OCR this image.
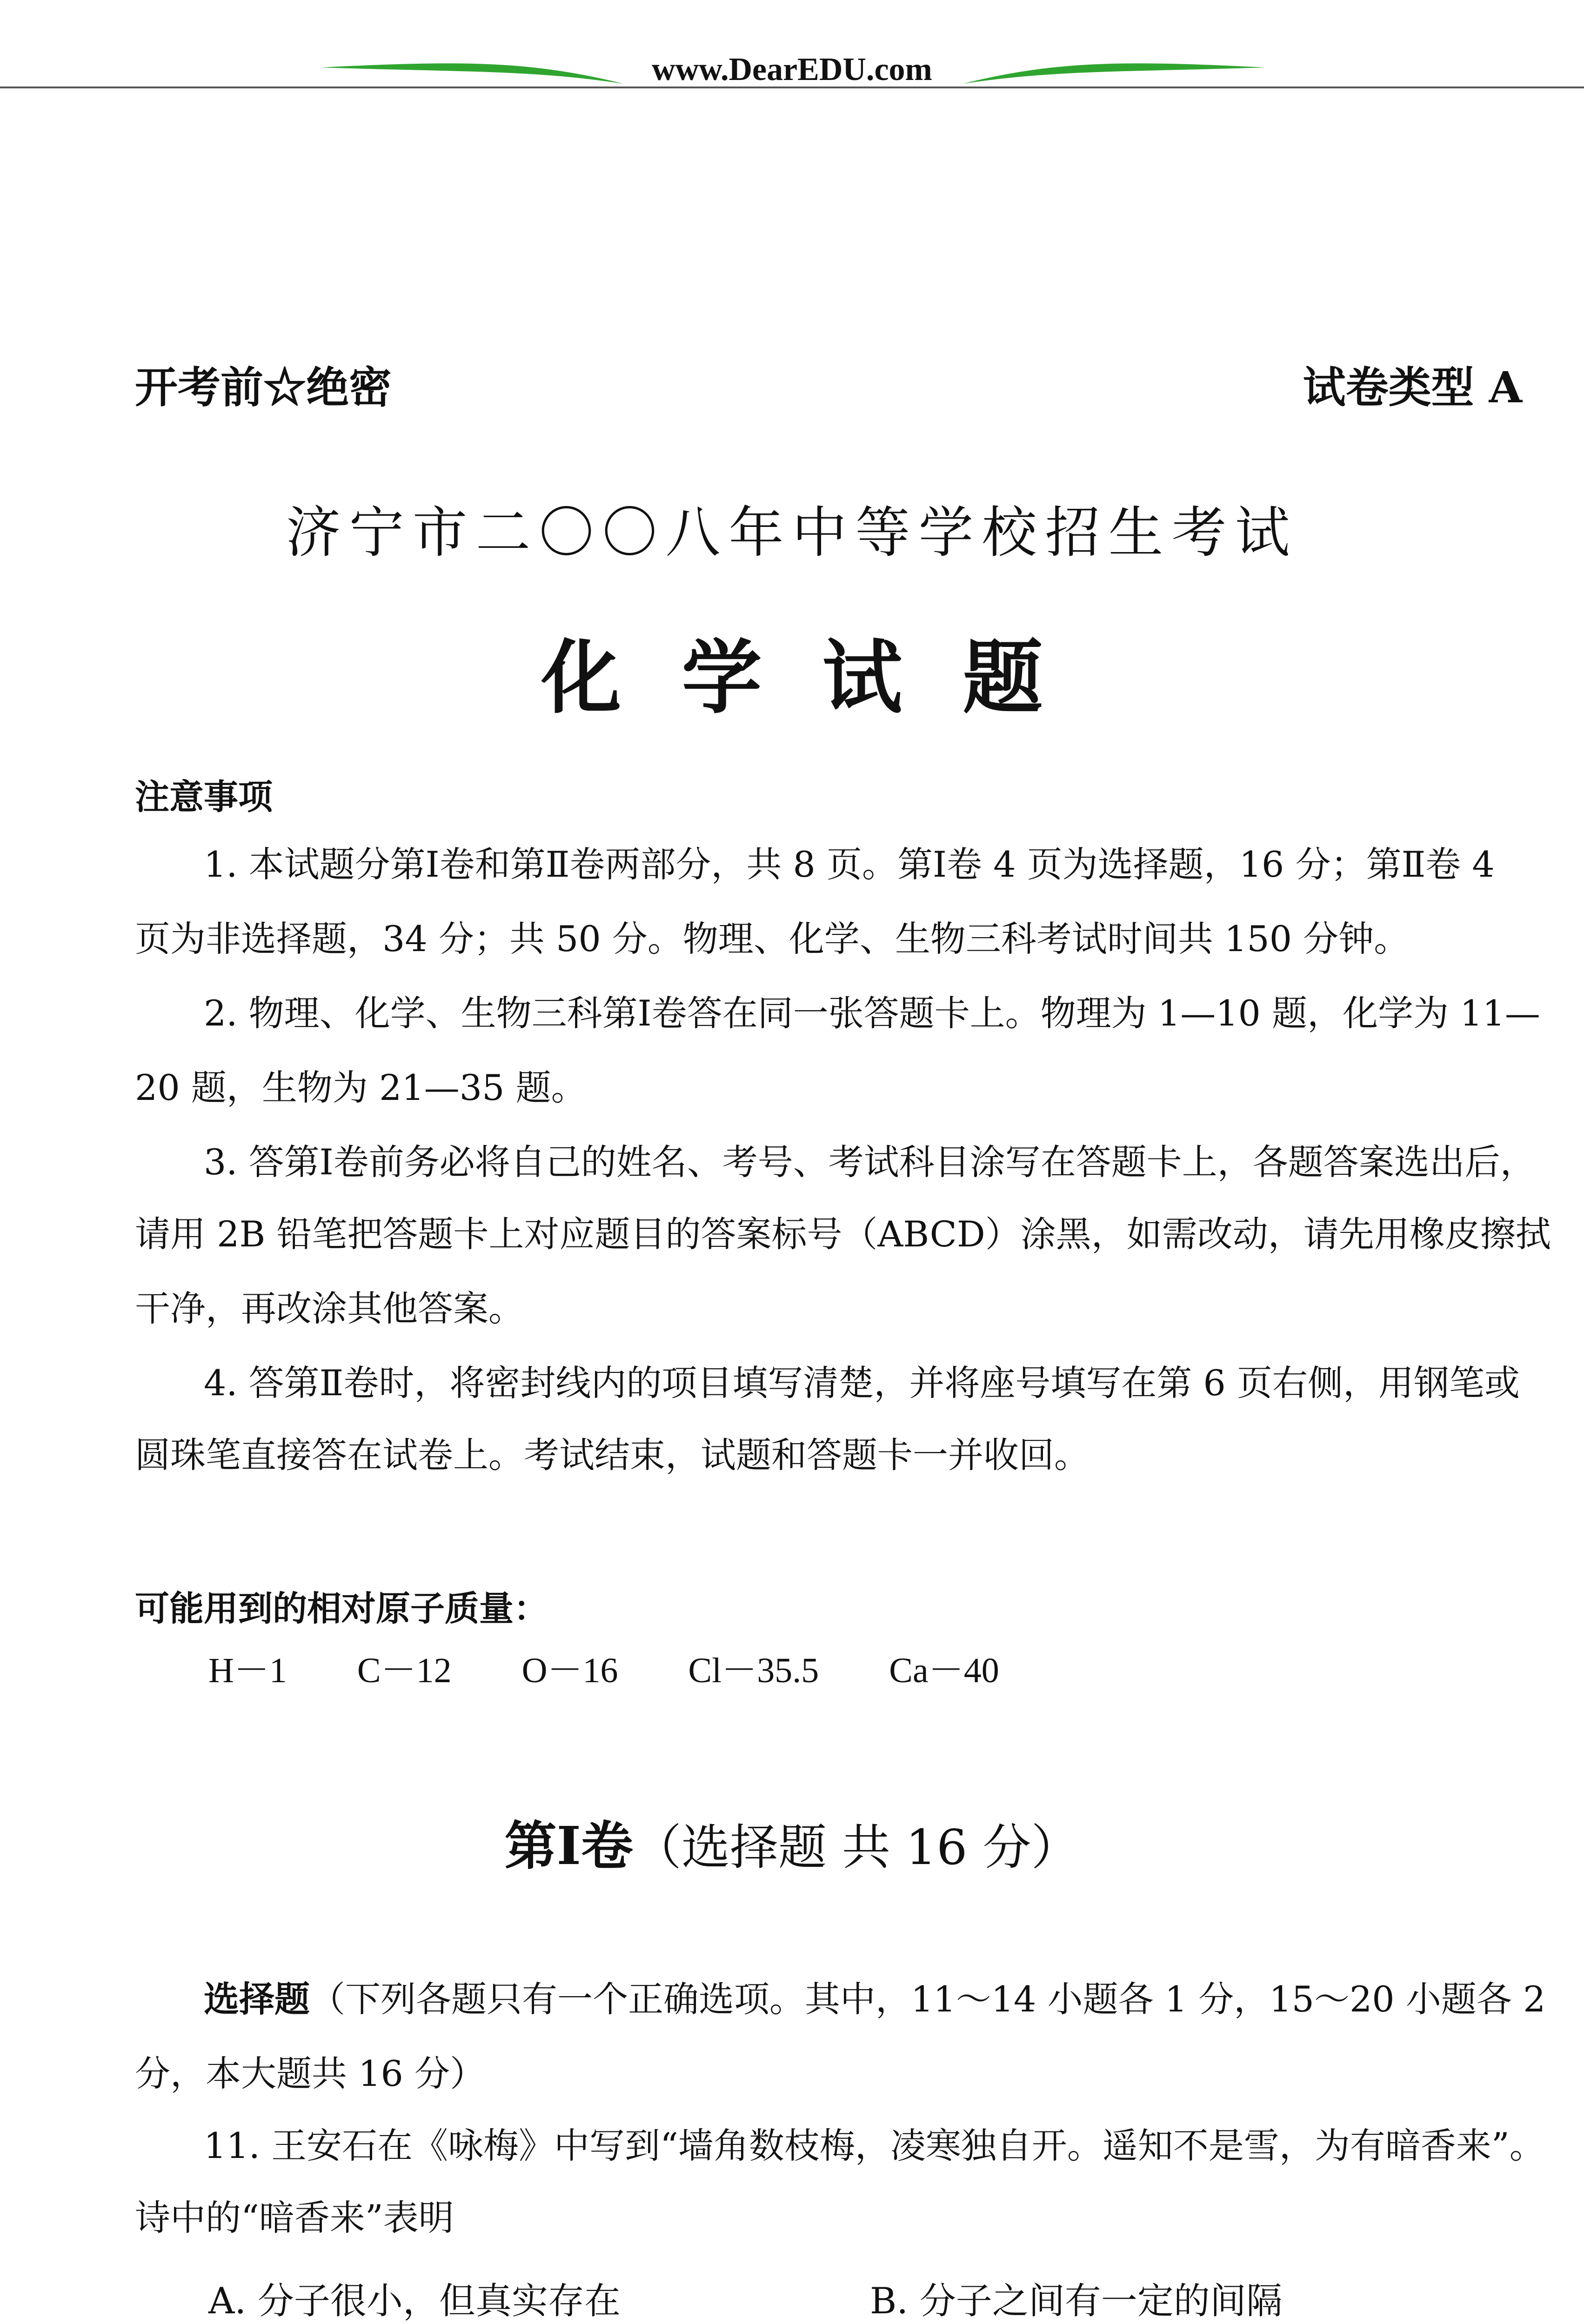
www.DearEDU.com
开考前☆绝密	试卷类型 A
济宁市二〇〇八年中等学校招生考试
化学试题
注意事项
1. 本试题分第Ⅰ卷和第Ⅱ卷两部分，共 8 页。第Ⅰ卷 4 页为选择题，16 分；第Ⅱ卷 4
页为非选择题，34 分；共 50 分。物理、化学、生物三科考试时间共 150 分钟。
2. 物理、化学、生物三科第Ⅰ卷答在同一张答题卡上。物理为 1—10 题，化学为 11—
20 题，生物为 21—35 题。
3. 答第Ⅰ卷前务必将自己的姓名、考号、考试科目涂写在答题卡上，各题答案选出后，
请用 2B 铅笔把答题卡上对应题目的答案标号（ABCD）涂黑，如需改动，请先用橡皮擦拭
干净，再改涂其他答案。
4. 答第Ⅱ卷时，将密封线内的项目填写清楚，并将座号填写在第 6 页右侧，用钢笔或
圆珠笔直接答在试卷上。考试结束，试题和答题卡一并收回。
可能用到的相对原子质量：
H－1 C－12 O－16 Cl－35.5 Ca－40
第Ⅰ卷（选择题 共 16 分）
选择题（下列各题只有一个正确选项。其中，11～14 小题各 1 分，15～20 小题各 2
分，本大题共 16 分）
11. 王安石在《咏梅》中写到“墙角数枝梅，凌寒独自开。遥知不是雪，为有暗香来”。
诗中的“暗香来”表明
A. 分子很小，但真实存在	B. 分子之间有一定的间隔
